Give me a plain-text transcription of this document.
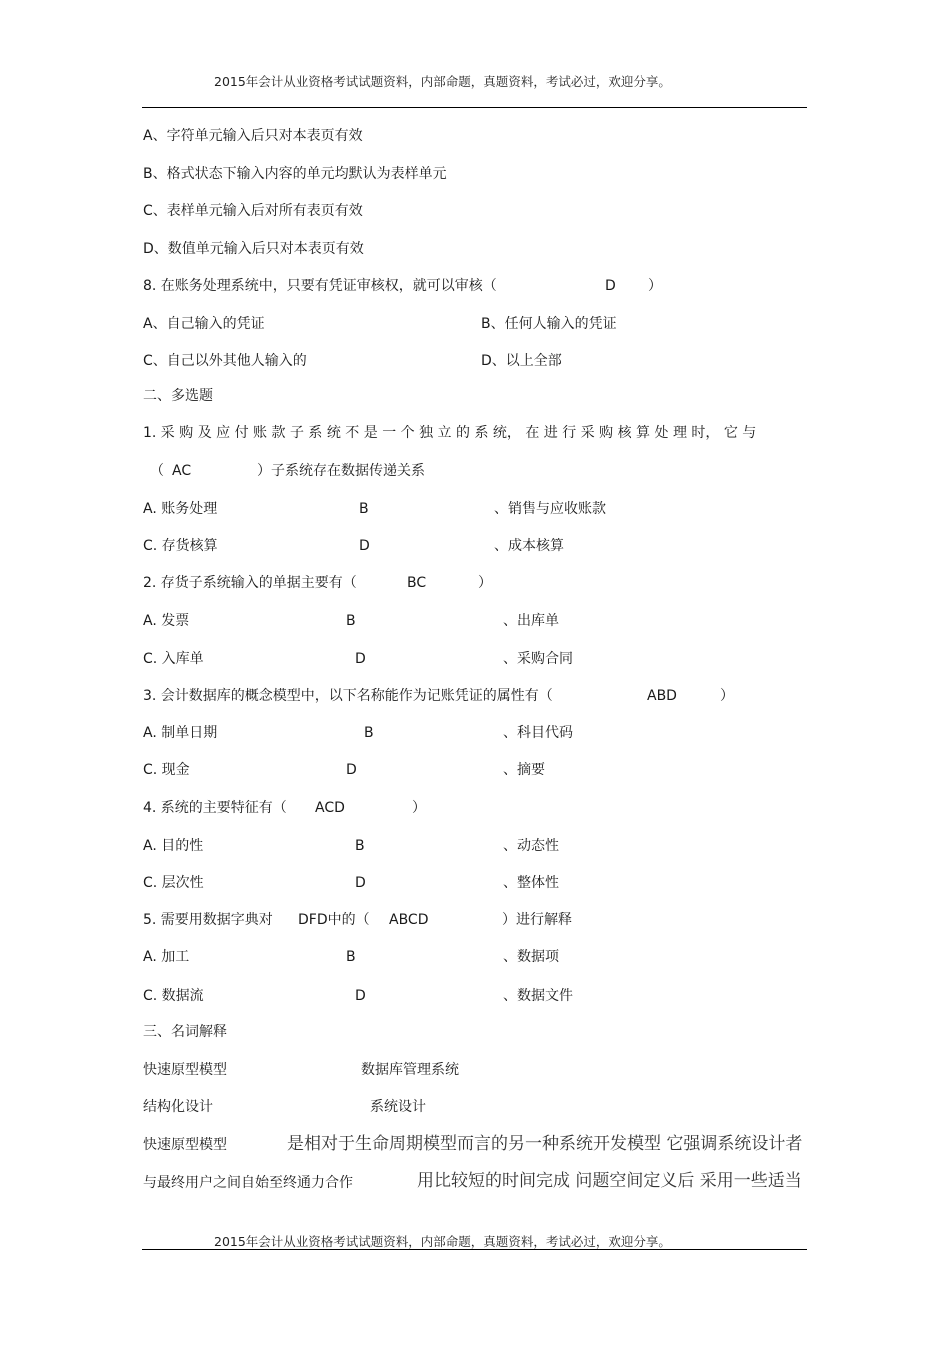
2015年会计从业资格考试试题资料，内部命题，真题资料，考试必过，欢迎分享。
A、字符单元输入后只对本表页有效
B、格式状态下输入内容的单元均默认为表样单元
C、表样单元输入后对所有表页有效
D、数值单元输入后只对本表页有效
8. 在账务处理系统中，只要有凭证审核权，就可以审核（	D ）
A、自己输入的凭证	B、任何人输入的凭证
C、自己以外其他人输入的	D、以上全部
二、多选题
1. 采 购 及 应 付 账 款 子 系 统 不 是 一 个 独 立 的 系 统， 在 进 行 采 购 核 算 处 理 时， 它 与
（ AC	）子系统存在数据传递关系
A. 账务处理	B	、销售与应收账款
C. 存货核算	D	、成本核算
2. 存货子系统输入的单据主要有（	BC	）
A. 发票	B	、出库单
C. 入库单	D	、采购合同
3. 会计数据库的概念模型中，以下名称能作为记账凭证的属性有（	ABD	）
A. 制单日期	B	、科目代码
C. 现金	D	、摘要
4. 系统的主要特征有（ ACD	）
A. 目的性	B	、动态性
C. 层次性	D	、整体性
5. 需要用数据字典对 DFD中的（ ABCD	）进行解释
A. 加工	B	、数据项
C. 数据流	D	、数据文件
三、名词解释
快速原型模型	数据库管理系统
结构化设计	系统设计
快速原型模型	是相对于生命周期模型而言的另一种系统开发模型 它强调系统设计者
与最终用户之间自始至终通力合作	用比较短的时间完成 问题空间定义后 采用一些适当
2015年会计从业资格考试试题资料，内部命题，真题资料，考试必过，欢迎分享。
